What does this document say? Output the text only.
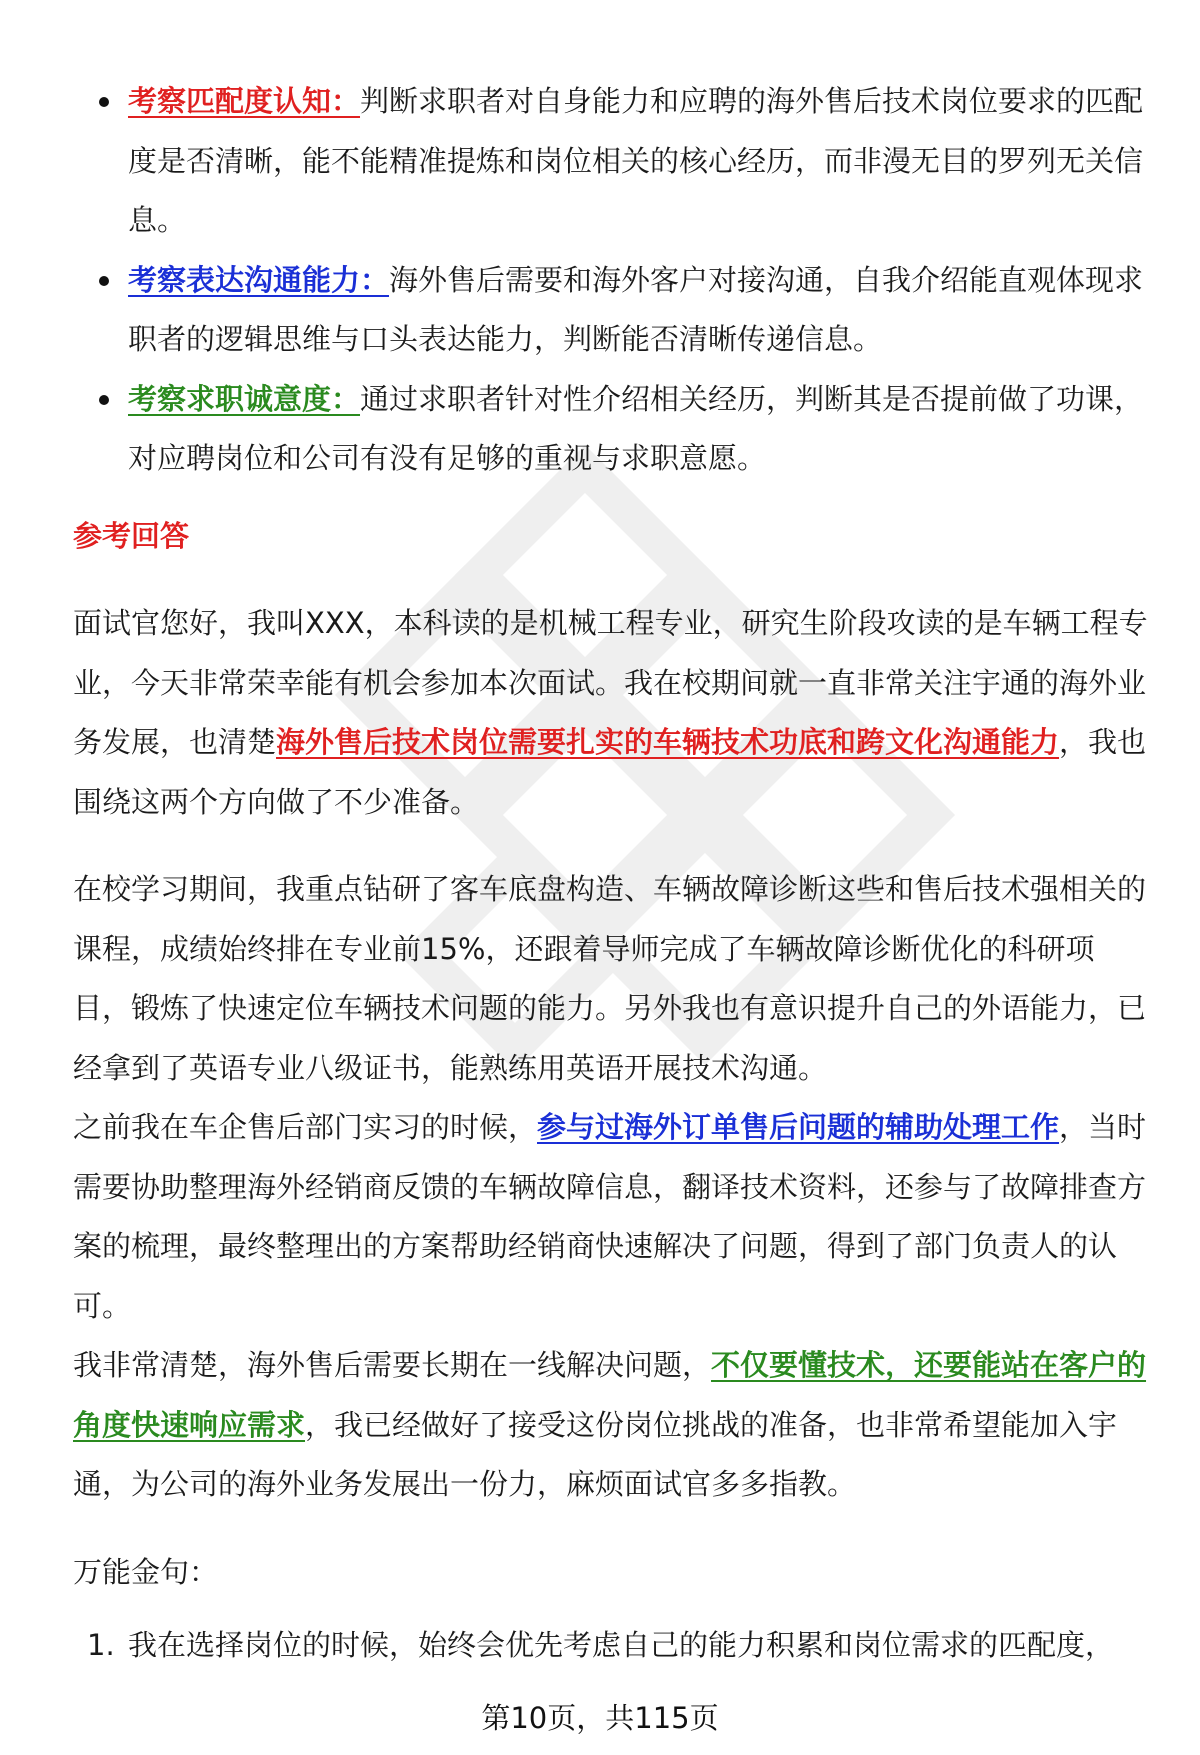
考察匹配度认知：判断求职者对自身能力和应聘的海外售后技术岗位要求的匹配度是否清晰，能不能精准提炼和岗位相关的核心经历，而非漫无目的罗列无关信息。
考察表达沟通能力：海外售后需要和海外客户对接沟通，自我介绍能直观体现求职者的逻辑思维与口头表达能力，判断能否清晰传递信息。
考察求职诚意度：通过求职者针对性介绍相关经历，判断其是否提前做了功课，对应聘岗位和公司有没有足够的重视与求职意愿。
参考回答

面试官您好，我叫XXX，本科读的是机械工程专业，研究生阶段攻读的是车辆工程专业，今天非常荣幸能有机会参加本次面试。我在校期间就一直非常关注宇通的海外业务发展，也清楚海外售后技术岗位需要扎实的车辆技术功底和跨文化沟通能力，我也围绕这两个方向做了不少准备。

在校学习期间，我重点钻研了客车底盘构造、车辆故障诊断这些和售后技术强相关的课程，成绩始终排在专业前15%，还跟着导师完成了车辆故障诊断优化的科研项目，锻炼了快速定位车辆技术问题的能力。另外我也有意识提升自己的外语能力，已经拿到了英语专业八级证书，能熟练用英语开展技术沟通。

之前我在车企售后部门实习的时候，参与过海外订单售后问题的辅助处理工作，当时需要协助整理海外经销商反馈的车辆故障信息，翻译技术资料，还参与了故障排查方案的梳理，最终整理出的方案帮助经销商快速解决了问题，得到了部门负责人的认可。

我非常清楚，海外售后需要长期在一线解决问题，不仅要懂技术，还要能站在客户的角度快速响应需求，我已经做好了接受这份岗位挑战的准备，也非常希望能加入宇通，为公司的海外业务发展出一份力，麻烦面试官多多指教。

万能金句：

1. 我在选择岗位的时候，始终会优先考虑自己的能力积累和岗位需求的匹配度，
第10页，共115页
